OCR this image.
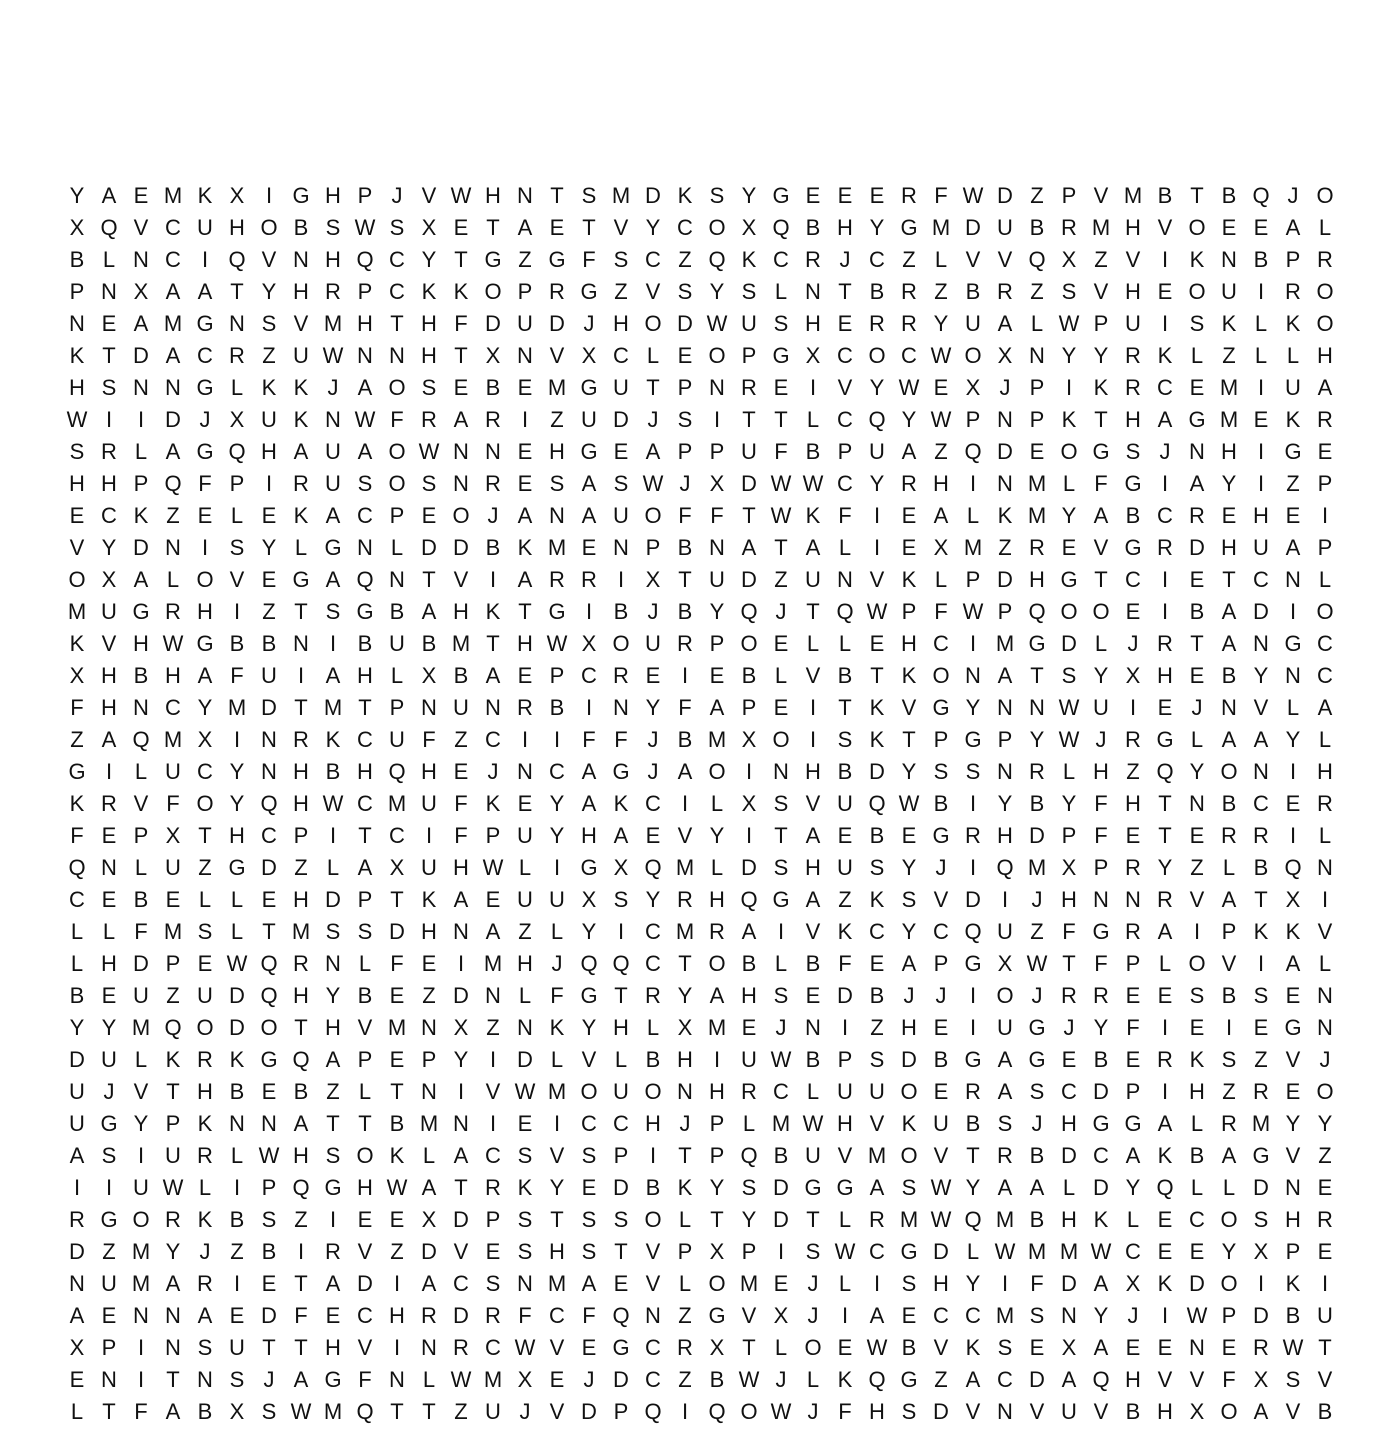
Y A E M K X I G H P J V W H N T S M D K S Y G E E E R F W D Z P V M B T B Q J O
X Q V C U H O B S W S X E T A E T V Y C O X Q B H Y G M D U B R M H V O E E A L
B L N C I Q V N H Q C Y T G Z G F S C Z Q K C R J C Z L V V Q X Z V I K N B P R
P N X A A T Y H R P C K K O P R G Z V S Y S L N T B R Z B R Z S V H E O U I R O
N E A M G N S V M H T H F D U D J H O D W U S H E R R Y U A L W P U I S K L K O
K T D A C R Z U W N N H T X N V X C L E O P G X C O C W O X N Y Y R K L Z L L H
H S N N G L K K J A O S E B E M G U T P N R E I V Y W E X J P I K R C E M I U A
W I	I D J X U K N W F R A R I	Z U D J S I	T T L C Q Y W P N P K T H A G M E K R
S R L A G Q H A U A O W N N E H G E A P P U F B P U A Z Q D E O G S J N H I G E
H H P Q F P I R U S O S N R E S A S W J X D W W C Y R H I N M L F G I A Y I	Z P
E C K Z E L E K A C P E O J A N A U O F F T W K F	I E A L K M Y A B C R E H E I
V Y D N I S Y L G N L D D B K M E N P B N A T A L	I E X M Z R E V G R D H U A P
O X A L O V E G A Q N T V I A R R I X T U D Z U N V K L P D H G T C I E T C N L
M U G R H I	Z T S G B A H K T G I B J B Y Q J T Q W P F W P Q O O E I B A D I O
K V H W G B B N I B U B M T H W X O U R P O E L L E H C I M G D L J R T A N G C
X H B H A F U I A H L X B A E P C R E I E B L V B T K O N A T S Y X H E B Y N C
F H N C Y M D T M T P N U N R B I N Y F A P E I	T K V G Y N N W U I E J N V L A
Z A Q M X I N R K C U F Z C I	I	F F J B M X O I S K T P G P Y W J R G L A A Y L
G I	L U C Y N H B H Q H E J N C A G J A O I N H B D Y S S N R L H Z Q Y O N I H
K R V F O Y Q H W C M U F K E Y A K C I	L X S V U Q W B I Y B Y F H T N B C E R
F E P X T H C P I	T C I	F P U Y H A E V Y I	T A E B E G R H D P F E T E R R I	L
Q N L U Z G D Z L A X U H W L	I G X Q M L D S H U S Y J	I Q M X P R Y Z L B Q N
C E B E L L E H D P T K A E U U X S Y R H Q G A Z K S V D I	J H N N R V A T X I
L L F M S L T M S S D H N A Z L Y I C M R A I V K C Y C Q U Z F G R A I P K K V
L H D P E W Q R N L F E I M H J Q Q C T O B L B F E A P G X W T F P L O V I A L
B E U Z U D Q H Y B E Z D N L F G T R Y A H S E D B J J	I O J R R E E S B S E N
Y Y M Q O D O T H V M N X Z N K Y H L X M E J N I	Z H E I U G J Y F	I E I E G N
D U L K R K G Q A P E P Y I D L V L B H I U W B P S D B G A G E B E R K S Z V J
U J V T H B E B Z L T N I V W M O U O N H R C L U U O E R A S C D P I H Z R E O
U G Y P K N N A T T B M N I E I C C H J P L M W H V K U B S J H G G A L R M Y Y
A S I U R L W H S O K L A C S V S P I	T P Q B U V M O V T R B D C A K B A G V Z
I	I U W L	I P Q G H W A T R K Y E D B K Y S D G G A S W Y A A L D Y Q L L D N E
R G O R K B S Z	I E E X D P S T S S O L T Y D T L R M W Q M B H K L E C O S H R
D Z M Y J Z B I R V Z D V E S H S T V P X P I S W C G D L W M M W C E E Y X P E
N U M A R I E T A D I A C S N M A E V L O M E J L	I S H Y I	F D A X K D O I K I
A E N N A E D F E C H R D R F C F Q N Z G V X J	I A E C C M S N Y J	I W P D B U
X P I N S U T T H V I N R C W V E G C R X T L O E W B V K S E X A E E N E R W T
E N I	T N S J A G F N L W M X E J D C Z B W J L K Q G Z A C D A Q H V V F X S V
L T F A B X S W M Q T T Z U J V D P Q I Q O W J F H S D V N V U V B H X O A V B
